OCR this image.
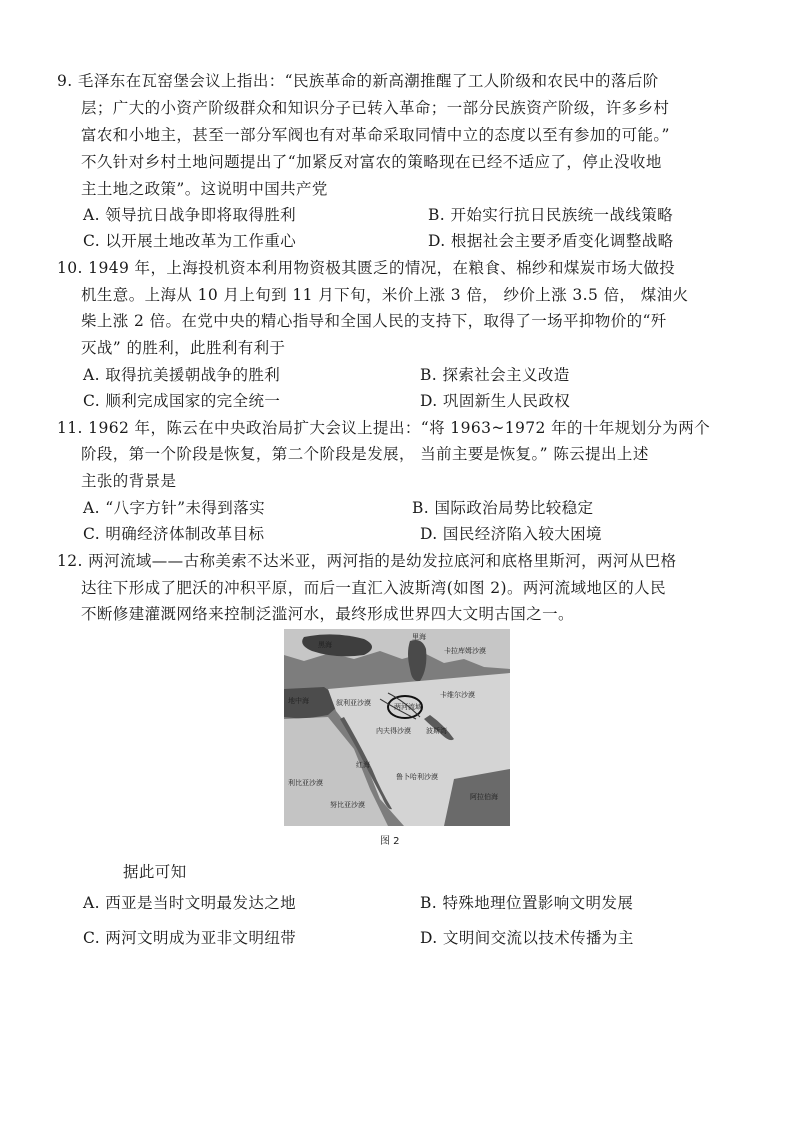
9. 毛泽东在瓦窑堡会议上指出：“民族革命的新高潮推醒了工人阶级和农民中的落后阶
层；广大的小资产阶级群众和知识分子已转入革命；一部分民族资产阶级，许多乡村
富农和小地主，甚至一部分军阀也有对革命采取同情中立的态度以至有参加的可能。”
不久针对乡村土地问题提出了“加紧反对富农的策略现在已经不适应了，停止没收地
主土地之政策”。这说明中国共产党
A. 领导抗日战争即将取得胜利	B. 开始实行抗日民族统一战线策略
C. 以开展土地改革为工作重心	D. 根据社会主要矛盾变化调整战略
10. 1949 年，上海投机资本利用物资极其匮乏的情况，在粮食、棉纱和煤炭市场大做投
机生意。上海从 10 月上旬到 11 月下旬，米价上涨 3 倍， 纱价上涨 3.5 倍， 煤油火
柴上涨 2 倍。在党中央的精心指导和全国人民的支持下，取得了一场平抑物价的“歼
灭战” 的胜利，此胜利有利于
A. 取得抗美援朝战争的胜利	B. 探索社会主义改造
C. 顺利完成国家的完全统一	D. 巩固新生人民政权
11. 1962 年，陈云在中央政治局扩大会议上提出：“将 1963~1972 年的十年规划分为两个
阶段，第一个阶段是恢复，第二个阶段是发展， 当前主要是恢复。” 陈云提出上述
主张的背景是
A. “八字方针”未得到落实	B. 国际政治局势比较稳定
C. 明确经济体制改革目标	D. 国民经济陷入较大困境
12. 两河流域——古称美索不达米亚，两河指的是幼发拉底河和底格里斯河，两河从巴格
达往下形成了肥沃的冲积平原，而后一直汇入波斯湾(如图 2)。两河流域地区的人民
不断修建灌溉网络来控制泛滥河水，最终形成世界四大文明古国之一。
黑海
里海
卡拉库姆沙漠
地中海	叙利亚沙漠	两河流域
卡维尔沙漠
内夫得沙漠 波斯湾
红海
鲁卜哈利沙漠
阿拉伯海
利比亚沙漠
努比亚沙漠
图 2
据此可知
A. 西亚是当时文明最发达之地	B. 特殊地理位置影响文明发展
C. 两河文明成为亚非文明纽带	D. 文明间交流以技术传播为主
